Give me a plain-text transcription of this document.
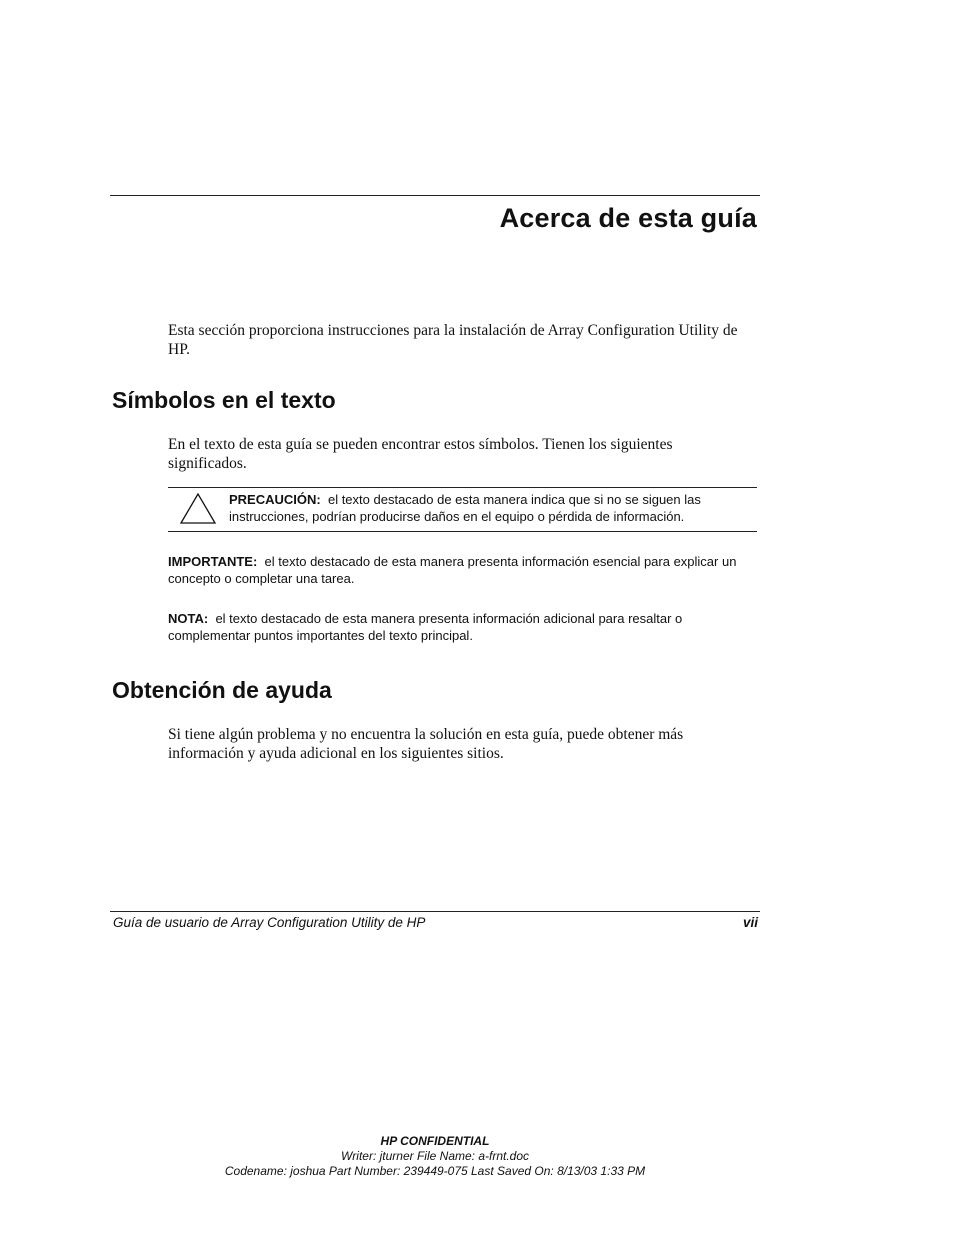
Acerca de esta guía
Esta sección proporciona instrucciones para la instalación de Array Configuration Utility de HP.
Símbolos en el texto
En el texto de esta guía se pueden encontrar estos símbolos. Tienen los siguientes significados.
PRECAUCIÓN: el texto destacado de esta manera indica que si no se siguen las instrucciones, podrían producirse daños en el equipo o pérdida de información.
IMPORTANTE: el texto destacado de esta manera presenta información esencial para explicar un concepto o completar una tarea.
NOTA: el texto destacado de esta manera presenta información adicional para resaltar o complementar puntos importantes del texto principal.
Obtención de ayuda
Si tiene algún problema y no encuentra la solución en esta guía, puede obtener más información y ayuda adicional en los siguientes sitios.
Guía de usuario de Array Configuration Utility de HP	vii
HP CONFIDENTIAL
Writer: jturner File Name: a-frnt.doc
Codename: joshua Part Number: 239449-075 Last Saved On: 8/13/03 1:33 PM
